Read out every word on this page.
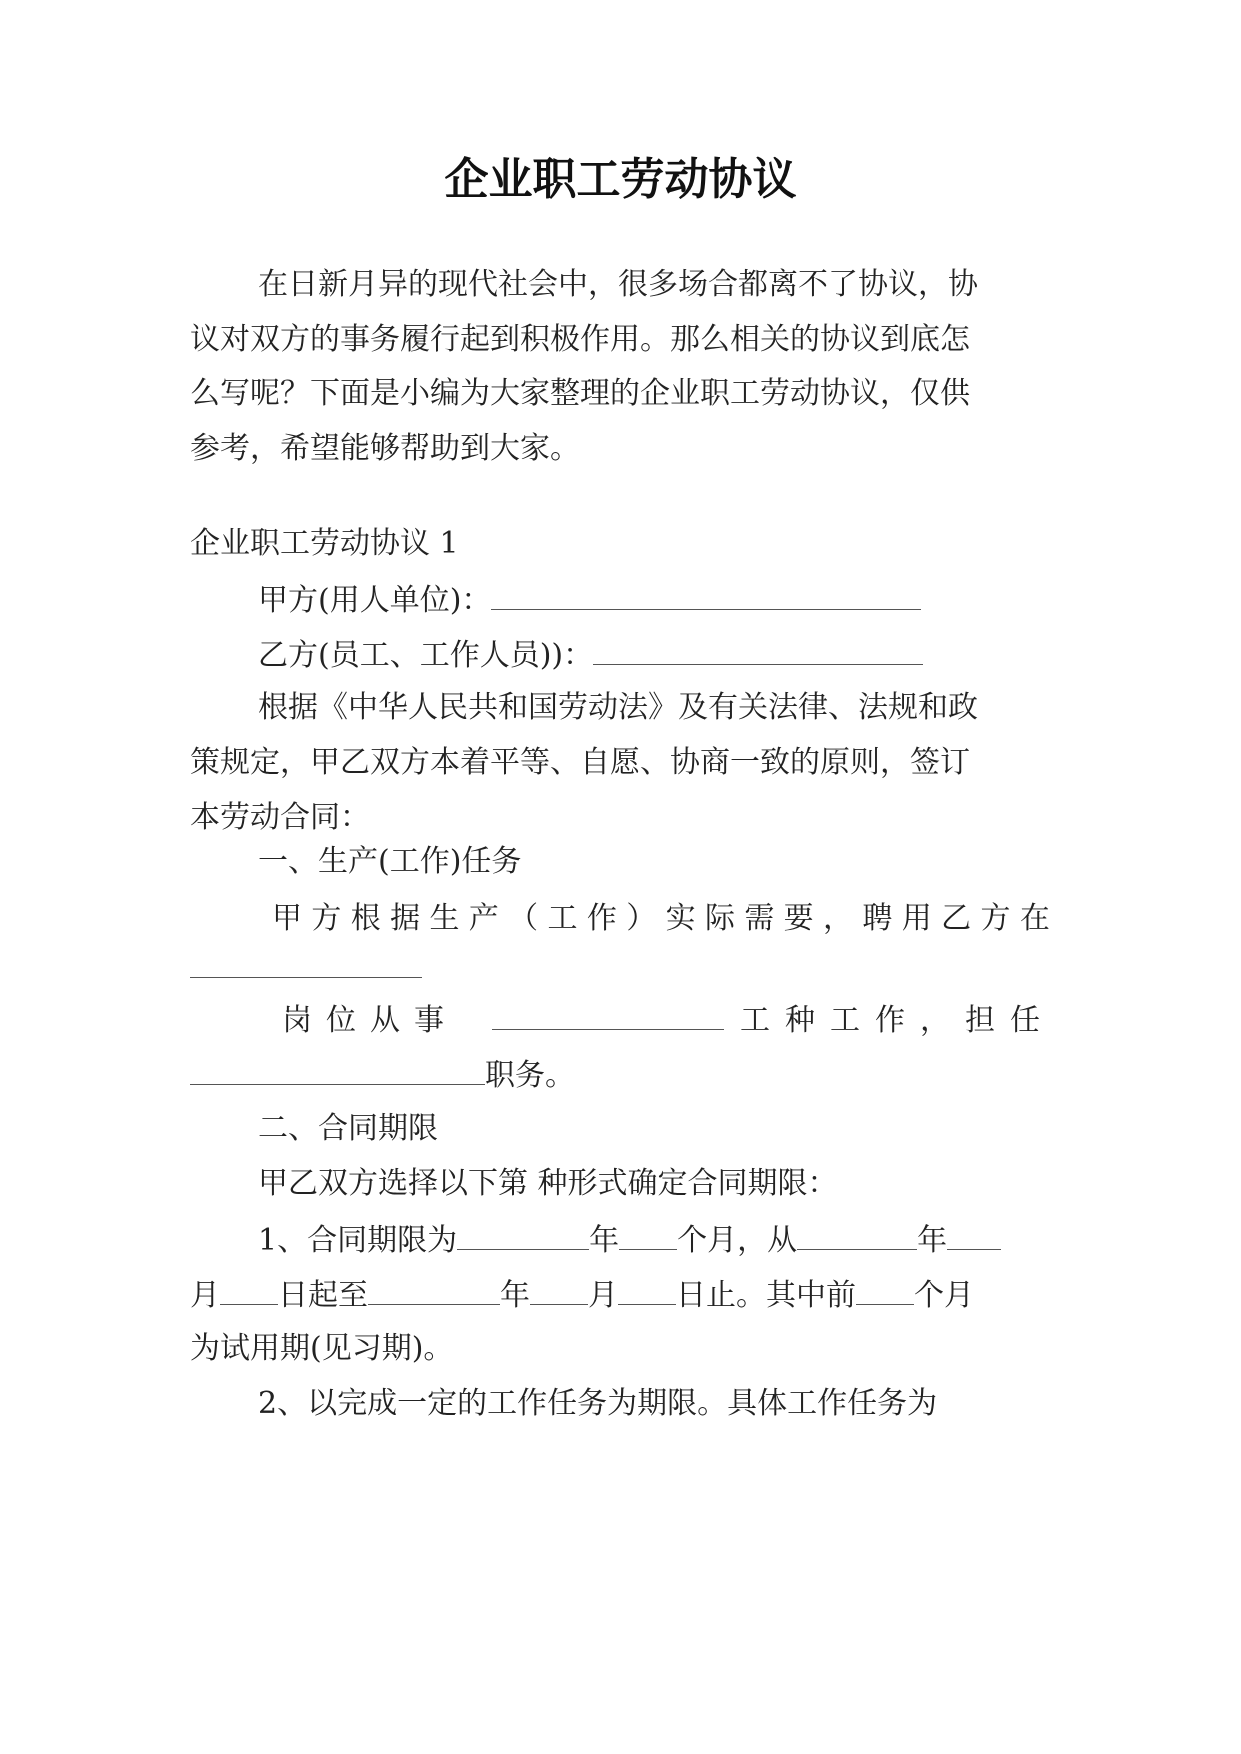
企业职工劳动协议
在日新月异的现代社会中，很多场合都离不了协议，协
议对双方的事务履行起到积极作用。那么相关的协议到底怎
么写呢？下面是小编为大家整理的企业职工劳动协议，仅供
参考，希望能够帮助到大家。
企业职工劳动协议 1
甲方(用人单位)：
乙方(员工、工作人员))：
根据《中华人民共和国劳动法》及有关法律、法规和政
策规定，甲乙双方本着平等、自愿、协商一致的原则，签订
本劳动合同：
一、生产(工作)任务
甲 方 根 据 生 产 （ 工 作 ） 实 际 需 要 ， 聘 用 乙 方 在
岗 位 从 事	工 种 工 作 ， 担 任
职务。
二、合同期限
甲乙双方选择以下第 种形式确定合同期限：
1、合同期限为	年 个月，从	年
月 日起至	年 月 日止。其中前 个月
为试用期(见习期)。
2、以完成一定的工作任务为期限。具体工作任务为
